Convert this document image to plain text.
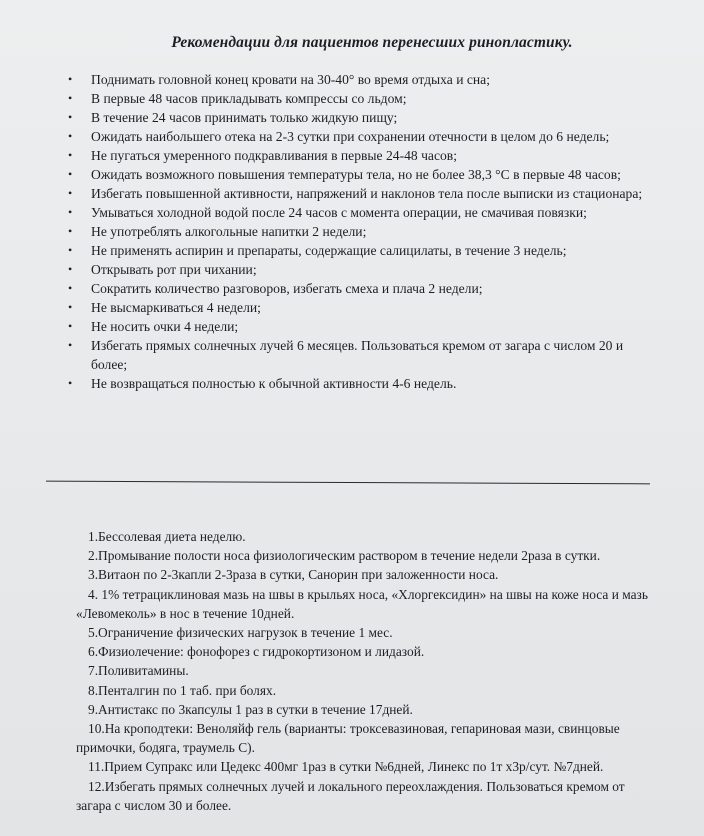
Рекомендации для пациентов перенесших ринопластику.
• Поднимать головной конец кровати на 30-40° во время отдыха и сна;
• В первые 48 часов прикладывать компрессы со льдом;
• В течение 24 часов принимать только жидкую пищу;
• Ожидать наибольшего отека на 2-3 сутки при сохранении отечности в целом до 6 недель;
• Не пугаться умеренного подкравливания в первые 24-48 часов;
• Ожидать возможного повышения температуры тела, но не более 38,3 °С в первые 48 часов;
• Избегать повышенной активности, напряжений и наклонов тела после выписки из стационара;
• Умываться холодной водой после 24 часов с момента операции, не смачивая повязки;
• Не употреблять алкогольные напитки 2 недели;
• Не применять аспирин и препараты, содержащие салицилаты, в течение 3 недель;
• Открывать рот при чихании;
• Сократить количество разговоров, избегать смеха и плача 2 недели;
• Не высмаркиваться 4 недели;
• Не носить очки 4 недели;
• Избегать прямых солнечных лучей 6 месяцев. Пользоваться кремом от загара с числом 20 и более;
• Не возвращаться полностью к обычной активности 4-6 недель.

1.Бессолевая диета неделю.

2.Промывание полости носа физиологическим раствором в течение недели 2раза в сутки.

3.Витаон по 2-3капли 2-3раза в сутки, Санорин при заложенности носа.

4. 1% тетрациклиновая мазь на швы в крыльях носа, «Хлоргексидин» на швы на коже носа и мазь «Левомеколь» в нос в течение 10дней.

5.Ограничение физических нагрузок в течение 1 мес.

6.Физиолечение: фонофорез с гидрокортизоном и лидазой.

7.Поливитамины.

8.Пенталгин по 1 таб. при болях.

9.Антистакс по 3капсулы 1 раз в сутки в течение 17дней.

10.На кроподтеки: Веноляйф гель (варианты: троксевазиновая, гепариновая мази, свинцовые примочки, бодяга, траумель С).

11.Прием Супракс или Цедекс 400мг 1раз в сутки №6дней, Линекс по 1т х3р/сут. №7дней.

12.Избегать прямых солнечных лучей и локального переохлаждения. Пользоваться кремом от загара с числом 30 и более.
